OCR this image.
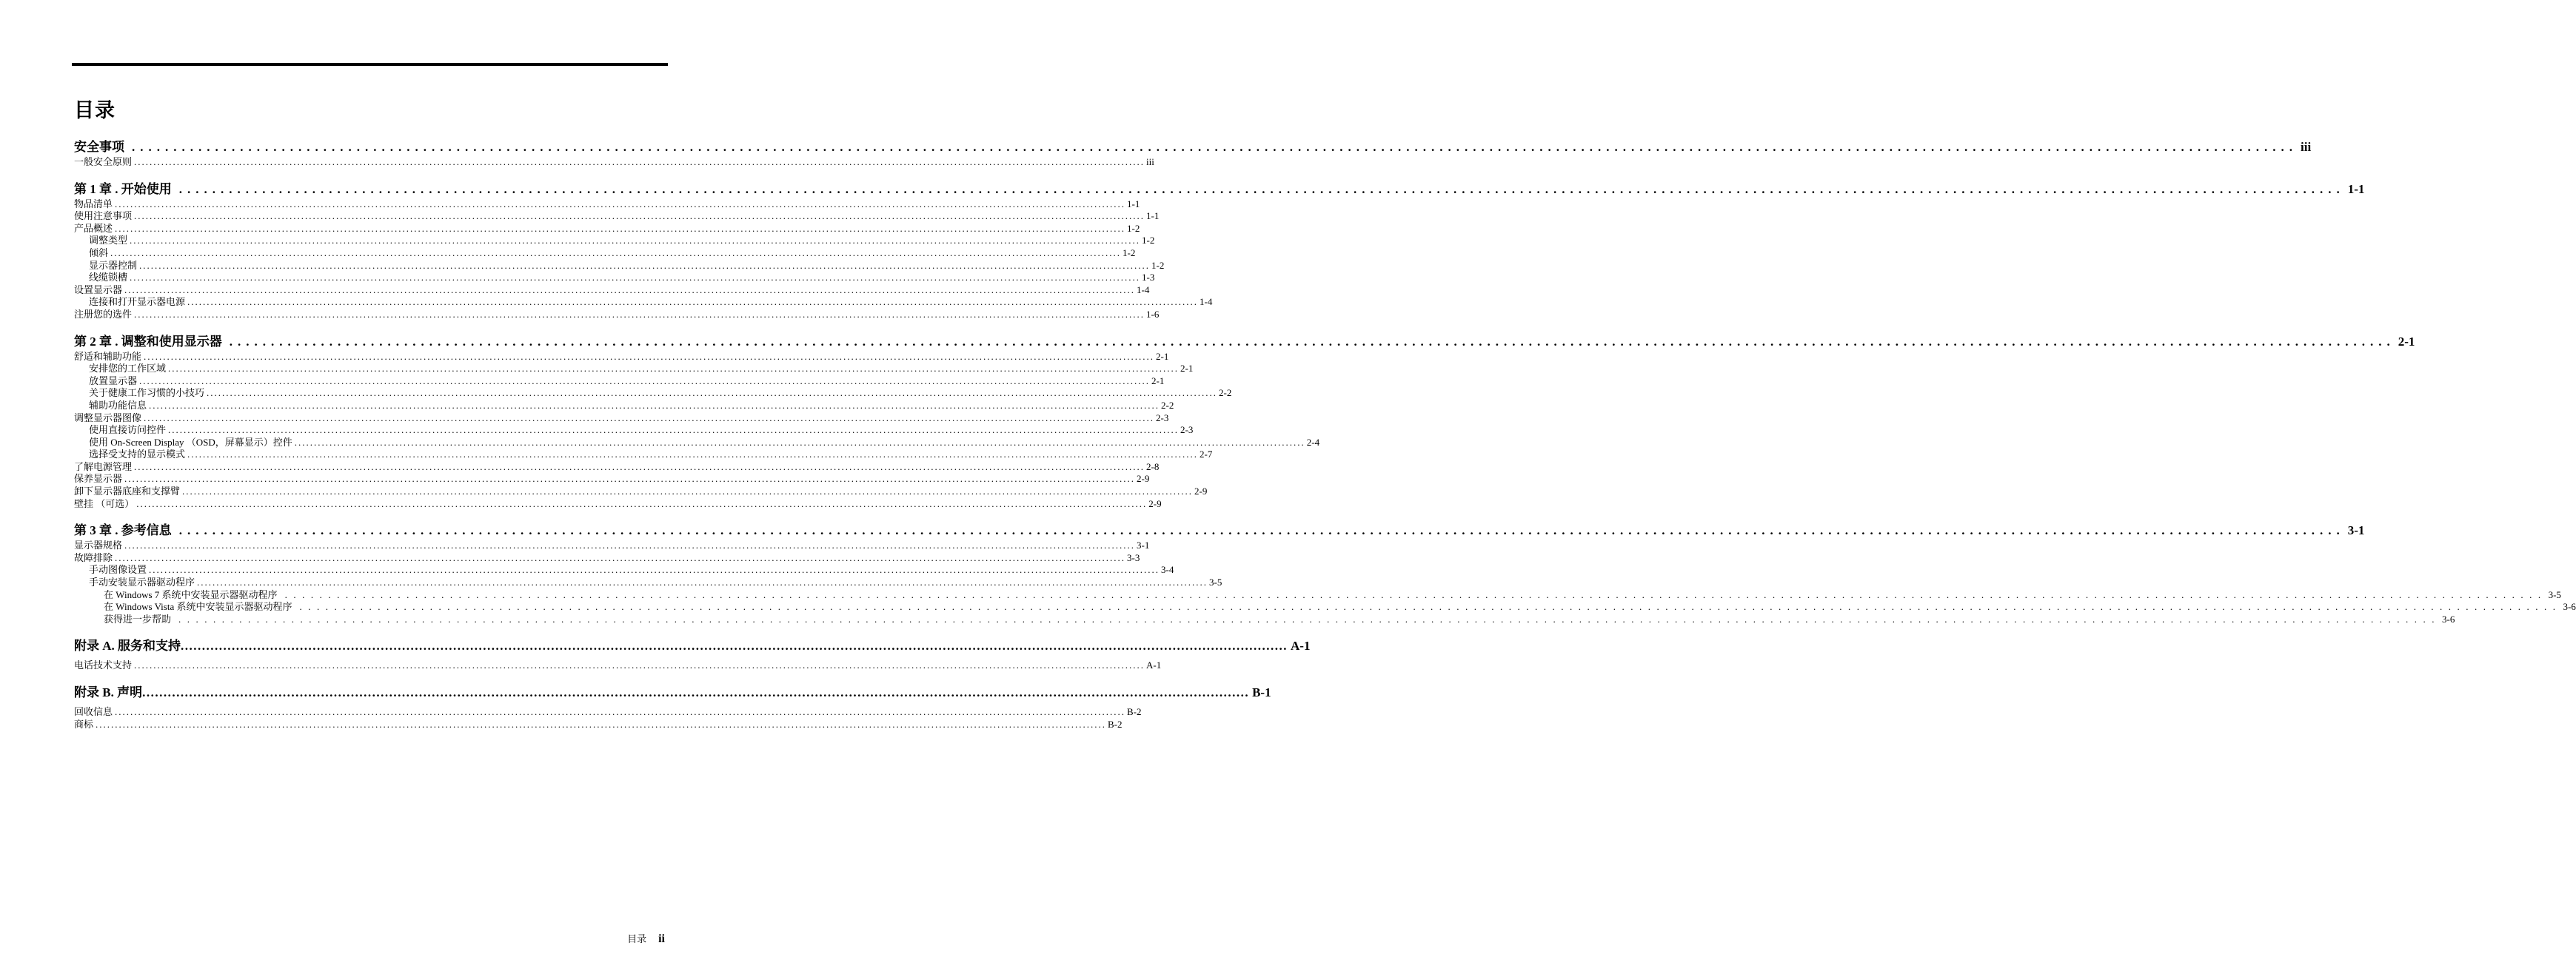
目录
安全事项 .................................................................................................................................................................................................................................................................... iii
一般安全原则 .................................................................................................................................................................................................................................................................... iii
第 1 章 . 开始使用 .................................................................................................................................................................................................................................................................... 1-1
物品清单 .................................................................................................................................................................................................................................................................... 1-1
使用注意事项 .................................................................................................................................................................................................................................................................... 1-1
产品概述 .................................................................................................................................................................................................................................................................... 1-2
调整类型 .................................................................................................................................................................................................................................................................... 1-2
倾斜 .................................................................................................................................................................................................................................................................... 1-2
显示器控制 .................................................................................................................................................................................................................................................................... 1-2
线缆锁槽 .................................................................................................................................................................................................................................................................... 1-3
设置显示器 .................................................................................................................................................................................................................................................................... 1-4
连接和打开显示器电源 .................................................................................................................................................................................................................................................................... 1-4
注册您的选件 .................................................................................................................................................................................................................................................................... 1-6
第 2 章 . 调整和使用显示器 .................................................................................................................................................................................................................................................................... 2-1
舒适和辅助功能 .................................................................................................................................................................................................................................................................... 2-1
安排您的工作区域 .................................................................................................................................................................................................................................................................... 2-1
放置显示器 .................................................................................................................................................................................................................................................................... 2-1
关于健康工作习惯的小技巧 .................................................................................................................................................................................................................................................................... 2-2
辅助功能信息 .................................................................................................................................................................................................................................................................... 2-2
调整显示器图像 .................................................................................................................................................................................................................................................................... 2-3
使用直接访问控件 .................................................................................................................................................................................................................................................................... 2-3
使用 On-Screen Display （OSD，屏幕显示）控件 .................................................................................................................................................................................................................................................................... 2-4
选择受支持的显示模式 .................................................................................................................................................................................................................................................................... 2-7
了解电源管理 .................................................................................................................................................................................................................................................................... 2-8
保养显示器 .................................................................................................................................................................................................................................................................... 2-9
卸下显示器底座和支撑臂 .................................................................................................................................................................................................................................................................... 2-9
壁挂 （可选） .................................................................................................................................................................................................................................................................... 2-9
第 3 章 . 参考信息 .................................................................................................................................................................................................................................................................... 3-1
显示器规格 .................................................................................................................................................................................................................................................................... 3-1
故障排除 .................................................................................................................................................................................................................................................................... 3-3
手动图像设置 .................................................................................................................................................................................................................................................................... 3-4
手动安装显示器驱动程序 .................................................................................................................................................................................................................................................................... 3-5
在 Windows 7 系统中安装显示器驱动程序 .................................................................................................................................................................................................................................................................... 3-5
在 Windows Vista 系统中安装显示器驱动程序 .................................................................................................................................................................................................................................................................... 3-6
获得进一步帮助 .................................................................................................................................................................................................................................................................... 3-6
附录 A. 服务和支持 .................................................................................................................................................................................................................................................................... A-1
电话技术支持 .................................................................................................................................................................................................................................................................... A-1
附录 B. 声明 .................................................................................................................................................................................................................................................................... B-1
回收信息 .................................................................................................................................................................................................................................................................... B-2
商标 .................................................................................................................................................................................................................................................................... B-2
目录 ii
